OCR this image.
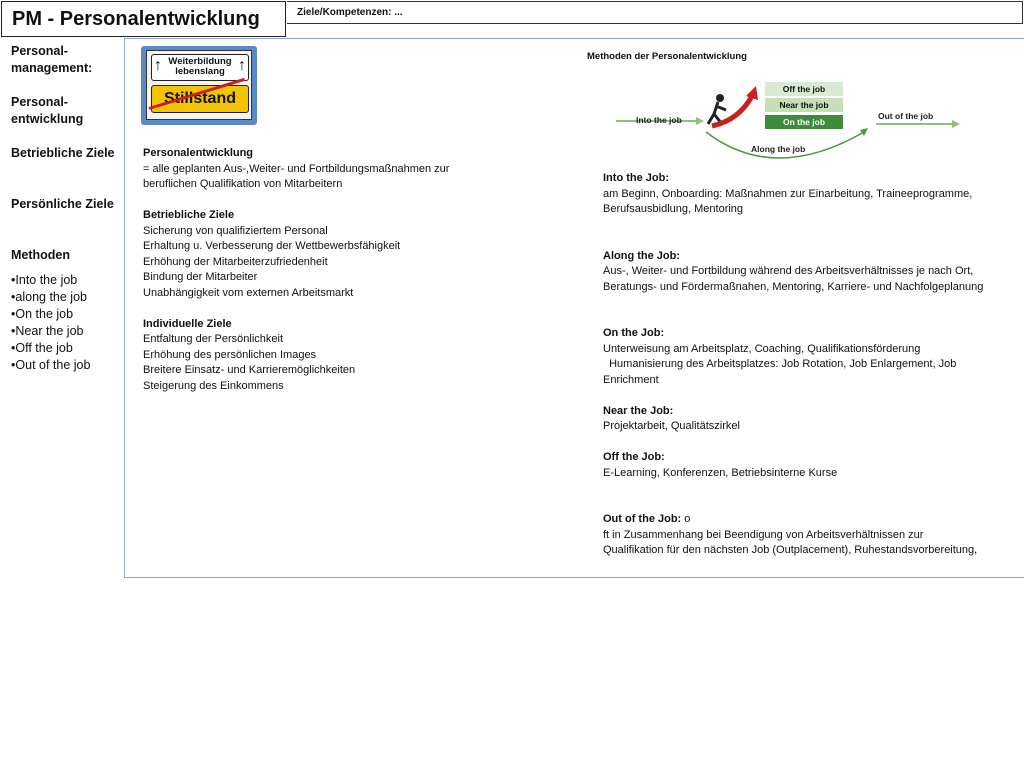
PM - Personalentwicklung	Ziele/Kompetenzen: ...
Personal-
management:
Personal-
entwicklung
Betriebliche Ziele
Persönliche Ziele
Methoden
• Into the job
• along the job
• On the job
• Near the job
• Off the job
• Out of the job
↑ Weiterbildung
lebenslang ↑
Stillstand
Personalentwicklung
= alle geplanten Aus-,Weiter- und Fortbildungsmaßnahmen zur
beruflichen Qualifikation von Mitarbeitern
Betriebliche Ziele
Sicherung von qualifiziertem Personal
Erhaltung u. Verbesserung der Wettbewerbsfähigkeit
Erhöhung der Mitarbeiterzufriedenheit
Bindung der Mitarbeiter
Unabhängigkeit vom externen Arbeitsmarkt
Individuelle Ziele
Entfaltung der Persönlichkeit
Erhöhung des persönlichen Images
Breitere Einsatz- und Karrieremöglichkeiten
Steigerung des Einkommens
Methoden der Personalentwicklung
Into the job	Out of the job
Along the job
Off the job
Near the job
On the job
Into the Job:
am Beginn, Onboarding: Maßnahmen zur Einarbeitung, Traineeprogramme,
Berufsausbidlung, Mentoring
Along the Job:
Aus-, Weiter- und Fortbildung während des Arbeitsverhältnisses je nach Ort,
Beratungs- und Fördermaßnahen, Mentoring, Karriere- und Nachfolgeplanung
On the Job:
Unterweisung am Arbeitsplatz, Coaching, Qualifikationsförderung
Humanisierung des Arbeitsplatzes: Job Rotation, Job Enlargement, Job
Enrichment
Near the Job:
Projektarbeit, Qualitätszirkel
Off the Job:
E-Learning, Konferenzen, Betriebsinterne Kurse
Out of the Job: o
ft in Zusammenhang bei Beendigung von Arbeitsverhältnissen zur
Qualifikation für den nächsten Job (Outplacement), Ruhestandsvorbereitung,
